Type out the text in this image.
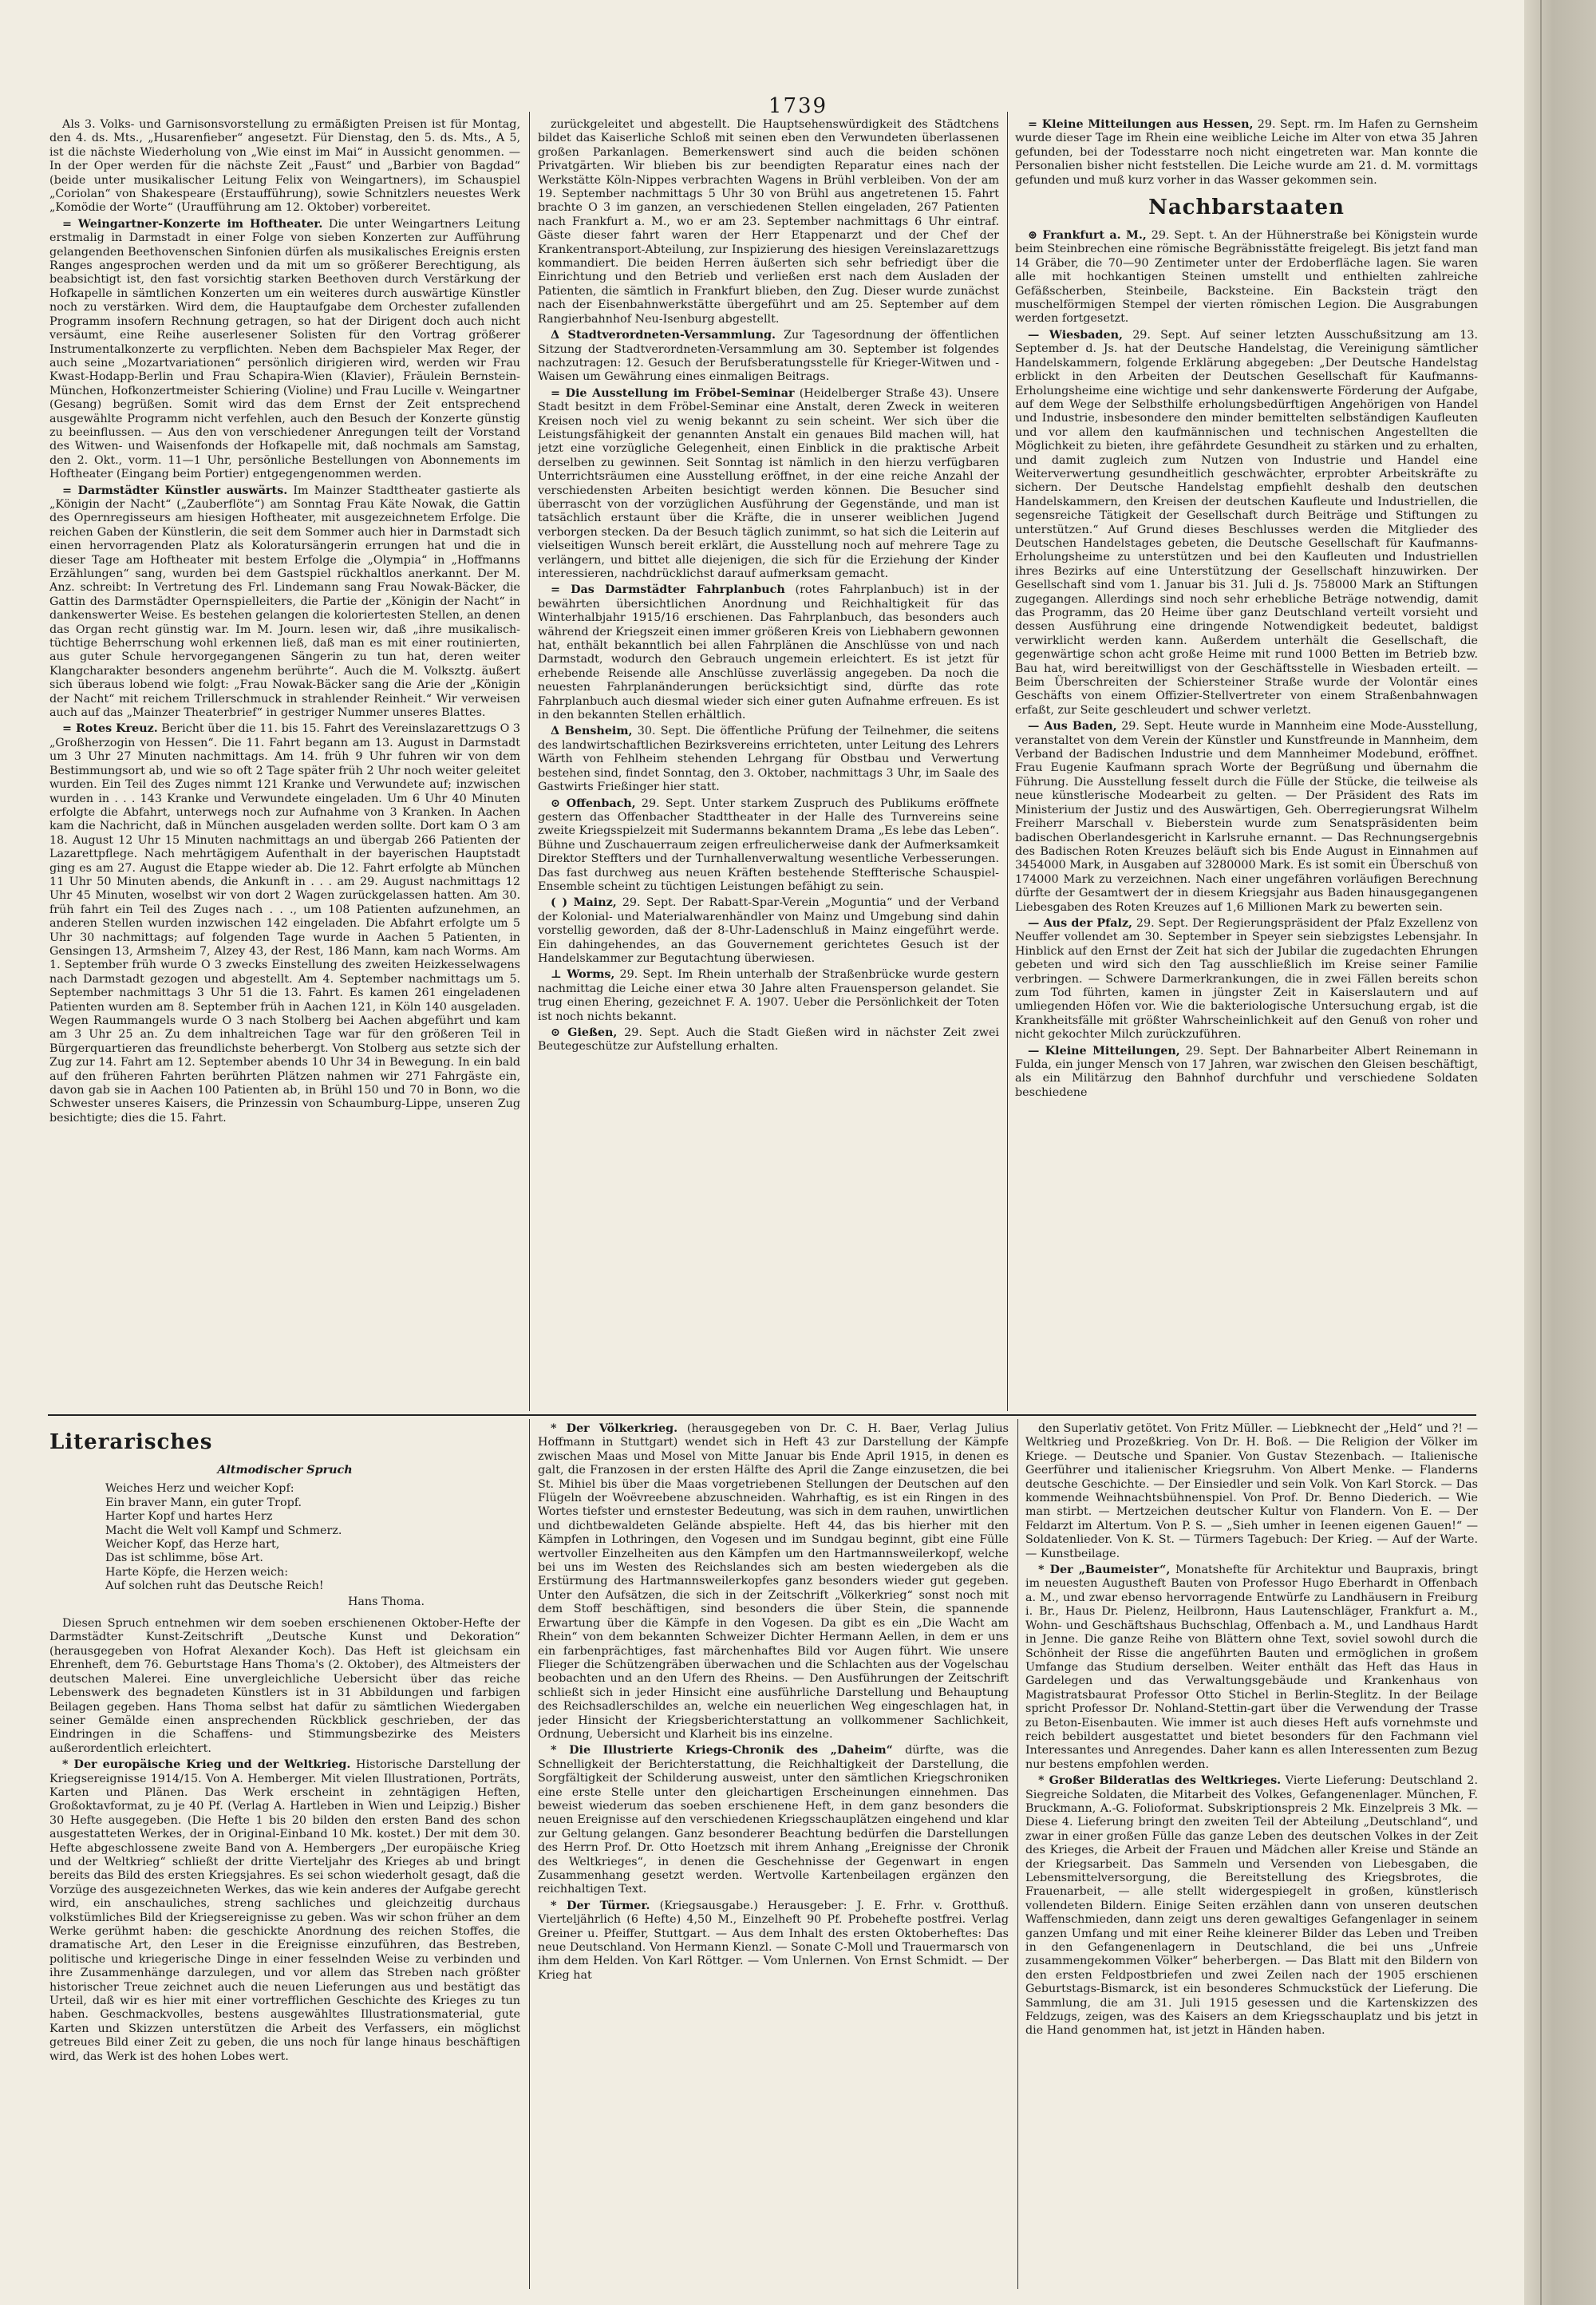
1739

Als 3. Volks- und Garnisonsvorstellung zu ermäßigten Preisen ist für Montag, den 4. ds. Mts., „Husarenfieber“ angesetzt. Für Dienstag, den 5. ds. Mts., A 5, ist die nächste Wiederholung von „Wie einst im Mai“ in Aussicht genommen. — In der Oper werden für die nächste Zeit „Faust“ und „Barbier von Bagdad“ (beide unter musikalischer Leitung Felix von Weingartners), im Schauspiel „Coriolan“ von Shakespeare (Erstaufführung), sowie Schnitzlers neuestes Werk „Komödie der Worte“ (Uraufführung am 12. Oktober) vorbereitet.

= Weingartner-Konzerte im Hoftheater. Die unter Weingartners Leitung erstmalig in Darmstadt in einer Folge von sieben Konzerten zur Aufführung gelangenden Beethovenschen Sinfonien dürfen als musikalisches Ereignis ersten Ranges angesprochen werden und da mit um so größerer Berechtigung, als beabsichtigt ist, den fast vorsichtig starken Beethoven durch Verstärkung der Hofkapelle in sämtlichen Konzerten um ein weiteres durch auswärtige Künstler noch zu verstärken. Wird dem, die Hauptaufgabe dem Orchester zufallenden Programm insofern Rechnung getragen, so hat der Dirigent doch auch nicht versäumt, eine Reihe auserlesener Solisten für den Vortrag größerer Instrumentalkonzerte zu verpflichten. Neben dem Bachspieler Max Reger, der auch seine „Mozartvariationen“ persönlich dirigieren wird, werden wir Frau Kwast-Hodapp-Berlin und Frau Schapira-Wien (Klavier), Fräulein Bernstein-München, Hofkonzertmeister Schiering (Violine) und Frau Lucille v. Weingartner (Gesang) begrüßen. Somit wird das dem Ernst der Zeit entsprechend ausgewählte Programm nicht verfehlen, auch den Besuch der Konzerte günstig zu beeinflussen. — Aus den von verschiedener Anregungen teilt der Vorstand des Witwen- und Waisenfonds der Hofkapelle mit, daß nochmals am Samstag, den 2. Okt., vorm. 11—1 Uhr, persönliche Bestellungen von Abonnements im Hoftheater (Eingang beim Portier) entgegengenommen werden.

= Darmstädter Künstler auswärts. Im Mainzer Stadttheater gastierte als „Königin der Nacht“ („Zauberflöte“) am Sonntag Frau Käte Nowak, die Gattin des Opernregisseurs am hiesigen Hoftheater, mit ausgezeichnetem Erfolge. Die reichen Gaben der Künstlerin, die seit dem Sommer auch hier in Darmstadt sich einen hervorragenden Platz als Koloratursängerin errungen hat und die in dieser Tage am Hoftheater mit bestem Erfolge die „Olympia“ in „Hoffmanns Erzählungen“ sang, wurden bei dem Gastspiel rückhaltlos anerkannt. Der M. Anz. schreibt: In Vertretung des Frl. Lindemann sang Frau Nowak-Bäcker, die Gattin des Darmstädter Opernspielleiters, die Partie der „Königin der Nacht“ in dankenswerter Weise. Es bestehen gelangen die koloriertesten Stellen, an denen das Organ recht günstig war. Im M. Journ. lesen wir, daß „ihre musikalisch-tüchtige Beherrschung wohl erkennen ließ, daß man es mit einer routinierten, aus guter Schule hervorgegangenen Sängerin zu tun hat, deren weiter Klangcharakter besonders angenehm berührte“. Auch die M. Volksztg. äußert sich überaus lobend wie folgt: „Frau Nowak-Bäcker sang die Arie der „Königin der Nacht“ mit reichem Trillerschmuck in strahlender Reinheit.“ Wir verweisen auch auf das „Mainzer Theaterbrief“ in gestriger Nummer unseres Blattes.

= Rotes Kreuz. Bericht über die 11. bis 15. Fahrt des Vereinslazarettzugs O 3 „Großherzogin von Hessen“. Die 11. Fahrt begann am 13. August in Darmstadt um 3 Uhr 27 Minuten nachmittags. Am 14. früh 9 Uhr fuhren wir von dem Bestimmungsort ab, und wie so oft 2 Tage später früh 2 Uhr noch weiter geleitet wurden. Ein Teil des Zuges nimmt 121 Kranke und Verwundete auf; inzwischen wurden in . . . 143 Kranke und Verwundete eingeladen. Um 6 Uhr 40 Minuten erfolgte die Abfahrt, unterwegs noch zur Aufnahme von 3 Kranken. In Aachen kam die Nachricht, daß in München ausgeladen werden sollte. Dort kam O 3 am 18. August 12 Uhr 15 Minuten nachmittags an und übergab 266 Patienten der Lazarettpflege. Nach mehrtägigem Aufenthalt in der bayerischen Hauptstadt ging es am 27. August die Etappe wieder ab. Die 12. Fahrt erfolgte ab München 11 Uhr 50 Minuten abends, die Ankunft in . . . am 29. August nachmittags 12 Uhr 45 Minuten, woselbst wir von dort 2 Wagen zurückgelassen hatten. Am 30. früh fahrt ein Teil des Zuges nach . . ., um 108 Patienten aufzunehmen, an anderen Stellen wurden inzwischen 142 eingeladen. Die Abfahrt erfolgte um 5 Uhr 30 nachmittags; auf folgenden Tage wurde in Aachen 5 Patienten, in Gensingen 13, Armsheim 7, Alzey 43, der Rest, 186 Mann, kam nach Worms. Am 1. September früh wurde O 3 zwecks Einstellung des zweiten Heizkesselwagens nach Darmstadt gezogen und abgestellt. Am 4. September nachmittags um 5. September nachmittags 3 Uhr 51 die 13. Fahrt. Es kamen 261 eingeladenen Patienten wurden am 8. September früh in Aachen 121, in Köln 140 ausgeladen. Wegen Raummangels wurde O 3 nach Stolberg bei Aachen abgeführt und kam am 3 Uhr 25 an. Zu dem inhaltreichen Tage war für den größeren Teil in Bürgerquartieren das freundlichste beherbergt. Von Stolberg aus setzte sich der Zug zur 14. Fahrt am 12. September abends 10 Uhr 34 in Bewegung. In ein bald auf den früheren Fahrten berührten Plätzen nahmen wir 271 Fahrgäste ein, davon gab sie in Aachen 100 Patienten ab, in Brühl 150 und 70 in Bonn, wo die Schwester unseres Kaisers, die Prinzessin von Schaumburg-Lippe, unseren Zug besichtigte; dies die 15. Fahrt.

zurückgeleitet und abgestellt. Die Hauptsehenswürdigkeit des Städtchens bildet das Kaiserliche Schloß mit seinen eben den Verwundeten überlassenen großen Parkanlagen. Bemerkenswert sind auch die beiden schönen Privatgärten. Wir blieben bis zur beendigten Reparatur eines nach der Werkstätte Köln-Nippes verbrachten Wagens in Brühl verbleiben. Von der am 19. September nachmittags 5 Uhr 30 von Brühl aus angetretenen 15. Fahrt brachte O 3 im ganzen, an verschiedenen Stellen eingeladen, 267 Patienten nach Frankfurt a. M., wo er am 23. September nachmittags 6 Uhr eintraf. Gäste dieser fahrt waren der Herr Etappenarzt und der Chef der Krankentransport-Abteilung, zur Inspizierung des hiesigen Vereinslazarettzugs kommandiert. Die beiden Herren äußerten sich sehr befriedigt über die Einrichtung und den Betrieb und verließen erst nach dem Ausladen der Patienten, die sämtlich in Frankfurt blieben, den Zug. Dieser wurde zunächst nach der Eisenbahnwerkstätte übergeführt und am 25. September auf dem Rangierbahnhof Neu-Isenburg abgestellt.

Δ Stadtverordneten-Versammlung. Zur Tagesordnung der öffentlichen Sitzung der Stadtverordneten-Versammlung am 30. September ist folgendes nachzutragen: 12. Gesuch der Berufsberatungsstelle für Krieger-Witwen und -Waisen um Gewährung eines einmaligen Beitrags.

= Die Ausstellung im Fröbel-Seminar (Heidelberger Straße 43). Unsere Stadt besitzt in dem Fröbel-Seminar eine Anstalt, deren Zweck in weiteren Kreisen noch viel zu wenig bekannt zu sein scheint. Wer sich über die Leistungsfähigkeit der genannten Anstalt ein genaues Bild machen will, hat jetzt eine vorzügliche Gelegenheit, einen Einblick in die praktische Arbeit derselben zu gewinnen. Seit Sonntag ist nämlich in den hierzu verfügbaren Unterrichtsräumen eine Ausstellung eröffnet, in der eine reiche Anzahl der verschiedensten Arbeiten besichtigt werden können. Die Besucher sind überrascht von der vorzüglichen Ausführung der Gegenstände, und man ist tatsächlich erstaunt über die Kräfte, die in unserer weiblichen Jugend verborgen stecken. Da der Besuch täglich zunimmt, so hat sich die Leiterin auf vielseitigen Wunsch bereit erklärt, die Ausstellung noch auf mehrere Tage zu verlängern, und bittet alle diejenigen, die sich für die Erziehung der Kinder interessieren, nachdrücklichst darauf aufmerksam gemacht.

= Das Darmstädter Fahrplanbuch (rotes Fahrplanbuch) ist in der bewährten übersichtlichen Anordnung und Reichhaltigkeit für das Winterhalbjahr 1915/16 erschienen. Das Fahrplanbuch, das besonders auch während der Kriegszeit einen immer größeren Kreis von Liebhabern gewonnen hat, enthält bekanntlich bei allen Fahrplänen die Anschlüsse von und nach Darmstadt, wodurch den Gebrauch ungemein erleichtert. Es ist jetzt für erhebende Reisende alle Anschlüsse zuverlässig angegeben. Da noch die neuesten Fahrplanänderungen berücksichtigt sind, dürfte das rote Fahrplanbuch auch diesmal wieder sich einer guten Aufnahme erfreuen. Es ist in den bekannten Stellen erhältlich.

Δ Bensheim, 30. Sept. Die öffentliche Prüfung der Teilnehmer, die seitens des landwirtschaftlichen Bezirksvereins errichteten, unter Leitung des Lehrers Wärth von Fehlheim stehenden Lehrgang für Obstbau und Verwertung bestehen sind, findet Sonntag, den 3. Oktober, nachmittags 3 Uhr, im Saale des Gastwirts Frießinger hier statt.

⊙ Offenbach, 29. Sept. Unter starkem Zuspruch des Publikums eröffnete gestern das Offenbacher Stadttheater in der Halle des Turnvereins seine zweite Kriegsspielzeit mit Sudermanns bekanntem Drama „Es lebe das Leben“. Bühne und Zuschauerraum zeigen erfreulicherweise dank der Aufmerksamkeit Direktor Steffters und der Turnhallenverwaltung wesentliche Verbesserungen. Das fast durchweg aus neuen Kräften bestehende Steffterische Schauspiel-Ensemble scheint zu tüchtigen Leistungen befähigt zu sein.

( ) Mainz, 29. Sept. Der Rabatt-Spar-Verein „Moguntia“ und der Verband der Kolonial- und Materialwarenhändler von Mainz und Umgebung sind dahin vorstellig geworden, daß der 8-Uhr-Ladenschluß in Mainz eingeführt werde. Ein dahingehendes, an das Gouvernement gerichtetes Gesuch ist der Handelskammer zur Begutachtung überwiesen.

⊥ Worms, 29. Sept. Im Rhein unterhalb der Straßenbrücke wurde gestern nachmittag die Leiche einer etwa 30 Jahre alten Frauensperson gelandet. Sie trug einen Ehering, gezeichnet F. A. 1907. Ueber die Persönlichkeit der Toten ist noch nichts bekannt.

⊙ Gießen, 29. Sept. Auch die Stadt Gießen wird in nächster Zeit zwei Beutegeschütze zur Aufstellung erhalten.

= Kleine Mitteilungen aus Hessen, 29. Sept. rm. Im Hafen zu Gernsheim wurde dieser Tage im Rhein eine weibliche Leiche im Alter von etwa 35 Jahren gefunden, bei der Todesstarre noch nicht eingetreten war. Man konnte die Personalien bisher nicht feststellen. Die Leiche wurde am 21. d. M. vormittags gefunden und muß kurz vorher in das Wasser gekommen sein.

Nachbarstaaten

⊛ Frankfurt a. M., 29. Sept. t. An der Hühnerstraße bei Königstein wurde beim Steinbrechen eine römische Begräbnisstätte freigelegt. Bis jetzt fand man 14 Gräber, die 70—90 Zentimeter unter der Erdoberfläche lagen. Sie waren alle mit hochkantigen Steinen umstellt und enthielten zahlreiche Gefäßscherben, Steinbeile, Backsteine. Ein Backstein trägt den muschelförmigen Stempel der vierten römischen Legion. Die Ausgrabungen werden fortgesetzt.

— Wiesbaden, 29. Sept. Auf seiner letzten Ausschußsitzung am 13. September d. Js. hat der Deutsche Handelstag, die Vereinigung sämtlicher Handelskammern, folgende Erklärung abgegeben: „Der Deutsche Handelstag erblickt in den Arbeiten der Deutschen Gesellschaft für Kaufmanns-Erholungsheime eine wichtige und sehr dankenswerte Förderung der Aufgabe, auf dem Wege der Selbsthilfe erholungsbedürftigen Angehörigen von Handel und Industrie, insbesondere den minder bemittelten selbständigen Kaufleuten und vor allem den kaufmännischen und technischen Angestellten die Möglichkeit zu bieten, ihre gefährdete Gesundheit zu stärken und zu erhalten, und damit zugleich zum Nutzen von Industrie und Handel eine Weiterverwertung gesundheitlich geschwächter, erprobter Arbeitskräfte zu sichern. Der Deutsche Handelstag empfiehlt deshalb den deutschen Handelskammern, den Kreisen der deutschen Kaufleute und Industriellen, die segensreiche Tätigkeit der Gesellschaft durch Beiträge und Stiftungen zu unterstützen.“ Auf Grund dieses Beschlusses werden die Mitglieder des Deutschen Handelstages gebeten, die Deutsche Gesellschaft für Kaufmanns-Erholungsheime zu unterstützen und bei den Kaufleuten und Industriellen ihres Bezirks auf eine Unterstützung der Gesellschaft hinzuwirken. Der Gesellschaft sind vom 1. Januar bis 31. Juli d. Js. 758000 Mark an Stiftungen zugegangen. Allerdings sind noch sehr erhebliche Beträge notwendig, damit das Programm, das 20 Heime über ganz Deutschland verteilt vorsieht und dessen Ausführung eine dringende Notwendigkeit bedeutet, baldigst verwirklicht werden kann. Außerdem unterhält die Gesellschaft, die gegenwärtige schon acht große Heime mit rund 1000 Betten im Betrieb bzw. Bau hat, wird bereitwilligst von der Geschäftsstelle in Wiesbaden erteilt. — Beim Überschreiten der Schiersteiner Straße wurde der Volontär eines Geschäfts von einem Offizier-Stellvertreter von einem Straßenbahnwagen erfaßt, zur Seite geschleudert und schwer verletzt.

— Aus Baden, 29. Sept. Heute wurde in Mannheim eine Mode-Ausstellung, veranstaltet von dem Verein der Künstler und Kunstfreunde in Mannheim, dem Verband der Badischen Industrie und dem Mannheimer Modebund, eröffnet. Frau Eugenie Kaufmann sprach Worte der Begrüßung und übernahm die Führung. Die Ausstellung fesselt durch die Fülle der Stücke, die teilweise als neue künstlerische Modearbeit zu gelten. — Der Präsident des Rats im Ministerium der Justiz und des Auswärtigen, Geh. Oberregierungsrat Wilhelm Freiherr Marschall v. Bieberstein wurde zum Senatspräsidenten beim badischen Oberlandesgericht in Karlsruhe ernannt. — Das Rechnungsergebnis des Badischen Roten Kreuzes beläuft sich bis Ende August in Einnahmen auf 3454000 Mark, in Ausgaben auf 3280000 Mark. Es ist somit ein Überschuß von 174000 Mark zu verzeichnen. Nach einer ungefähren vorläufigen Berechnung dürfte der Gesamtwert der in diesem Kriegsjahr aus Baden hinausgegangenen Liebesgaben des Roten Kreuzes auf 1,6 Millionen Mark zu bewerten sein.

— Aus der Pfalz, 29. Sept. Der Regierungspräsident der Pfalz Exzellenz von Neuffer vollendet am 30. September in Speyer sein siebzigstes Lebensjahr. In Hinblick auf den Ernst der Zeit hat sich der Jubilar die zugedachten Ehrungen gebeten und wird sich den Tag ausschließlich im Kreise seiner Familie verbringen. — Schwere Darmerkrankungen, die in zwei Fällen bereits schon zum Tod führten, kamen in jüngster Zeit in Kaiserslautern und auf umliegenden Höfen vor. Wie die bakteriologische Untersuchung ergab, ist die Krankheitsfälle mit größter Wahrscheinlichkeit auf den Genuß von roher und nicht gekochter Milch zurückzuführen.

— Kleine Mitteilungen, 29. Sept. Der Bahnarbeiter Albert Reinemann in Fulda, ein junger Mensch von 17 Jahren, war zwischen den Gleisen beschäftigt, als ein Militärzug den Bahnhof durchfuhr und verschiedene Soldaten beschiedene

Literarisches
Altmodischer Spruch
Weiches Herz und weicher Kopf:
Ein braver Mann, ein guter Tropf.
Harter Kopf und hartes Herz
Macht die Welt voll Kampf und Schmerz.
Weicher Kopf, das Herze hart,
Das ist schlimme, böse Art.
Harte Köpfe, die Herzen weich:
Auf solchen ruht das Deutsche Reich!
Hans Thoma.

Diesen Spruch entnehmen wir dem soeben erschienenen Oktober-Hefte der Darmstädter Kunst-Zeitschrift „Deutsche Kunst und Dekoration“ (herausgegeben von Hofrat Alexander Koch). Das Heft ist gleichsam ein Ehrenheft, dem 76. Geburtstage Hans Thoma's (2. Oktober), des Altmeisters der deutschen Malerei. Eine unvergleichliche Uebersicht über das reiche Lebenswerk des begnadeten Künstlers ist in 31 Abbildungen und farbigen Beilagen gegeben. Hans Thoma selbst hat dafür zu sämtlichen Wiedergaben seiner Gemälde einen ansprechenden Rückblick geschrieben, der das Eindringen in die Schaffens- und Stimmungsbezirke des Meisters außerordentlich erleichtert.

* Der europäische Krieg und der Weltkrieg. Historische Darstellung der Kriegsereignisse 1914/15. Von A. Hemberger. Mit vielen Illustrationen, Porträts, Karten und Plänen. Das Werk erscheint in zehntägigen Heften, Großoktavformat, zu je 40 Pf. (Verlag A. Hartleben in Wien und Leipzig.) Bisher 30 Hefte ausgegeben. (Die Hefte 1 bis 20 bilden den ersten Band des schon ausgestatteten Werkes, der in Original-Einband 10 Mk. kostet.) Der mit dem 30. Hefte abgeschlossene zweite Band von A. Hembergers „Der europäische Krieg und der Weltkrieg“ schließt der dritte Vierteljahr des Krieges ab und bringt bereits das Bild des ersten Kriegsjahres. Es sei schon wiederholt gesagt, daß die Vorzüge des ausgezeichneten Werkes, das wie kein anderes der Aufgabe gerecht wird, ein anschauliches, streng sachliches und gleichzeitig durchaus volkstümliches Bild der Kriegsereignisse zu geben. Was wir schon früher an dem Werke gerühmt haben: die geschickte Anordnung des reichen Stoffes, die dramatische Art, den Leser in die Ereignisse einzuführen, das Bestreben, politische und kriegerische Dinge in einer fesselnden Weise zu verbinden und ihre Zusammenhänge darzulegen, und vor allem das Streben nach größter historischer Treue zeichnet auch die neuen Lieferungen aus und bestätigt das Urteil, daß wir es hier mit einer vortrefflichen Geschichte des Krieges zu tun haben. Geschmackvolles, bestens ausgewähltes Illustrationsmaterial, gute Karten und Skizzen unterstützen die Arbeit des Verfassers, ein möglichst getreues Bild einer Zeit zu geben, die uns noch für lange hinaus beschäftigen wird, das Werk ist des hohen Lobes wert.

* Der Völkerkrieg. (herausgegeben von Dr. C. H. Baer, Verlag Julius Hoffmann in Stuttgart) wendet sich in Heft 43 zur Darstellung der Kämpfe zwischen Maas und Mosel von Mitte Januar bis Ende April 1915, in denen es galt, die Franzosen in der ersten Hälfte des April die Zange einzusetzen, die bei St. Mihiel bis über die Maas vorgetriebenen Stellungen der Deutschen auf den Flügeln der Woëvreebene abzuschneiden. Wahrhaftig, es ist ein Ringen in des Wortes tiefster und ernstester Bedeutung, was sich in dem rauhen, unwirtlichen und dichtbewaldeten Gelände abspielte. Heft 44, das bis hierher mit den Kämpfen in Lothringen, den Vogesen und im Sundgau beginnt, gibt eine Fülle wertvoller Einzelheiten aus den Kämpfen um den Hartmannsweilerkopf, welche bei uns im Westen des Reichslandes sich am besten wiedergeben als die Erstürmung des Hartmannsweilerkopfes ganz besonders wieder gut gegeben. Unter den Aufsätzen, die sich in der Zeitschrift „Völkerkrieg“ sonst noch mit dem Stoff beschäftigen, sind besonders die über Stein, die spannende Erwartung über die Kämpfe in den Vogesen. Da gibt es ein „Die Wacht am Rhein“ von dem bekannten Schweizer Dichter Hermann Aellen, in dem er uns ein farbenprächtiges, fast märchenhaftes Bild vor Augen führt. Wie unsere Flieger die Schützengräben überwachen und die Schlachten aus der Vogelschau beobachten und an den Ufern des Rheins. — Den Ausführungen der Zeitschrift schließt sich in jeder Hinsicht eine ausführliche Darstellung und Behauptung des Reichsadlerschildes an, welche ein neuerlichen Weg eingeschlagen hat, in jeder Hinsicht der Kriegsberichterstattung an vollkommener Sachlichkeit, Ordnung, Uebersicht und Klarheit bis ins einzelne.

* Die Illustrierte Kriegs-Chronik des „Daheim“ dürfte, was die Schnelligkeit der Berichterstattung, die Reichhaltigkeit der Darstellung, die Sorgfältigkeit der Schilderung ausweist, unter den sämtlichen Kriegschroniken eine erste Stelle unter den gleichartigen Erscheinungen einnehmen. Das beweist wiederum das soeben erschienene Heft, in dem ganz besonders die neuen Ereignisse auf den verschiedenen Kriegsschauplätzen eingehend und klar zur Geltung gelangen. Ganz besonderer Beachtung bedürfen die Darstellungen des Herrn Prof. Dr. Otto Hoetzsch mit ihrem Anhang „Ereignisse der Chronik des Weltkrieges“, in denen die Geschehnisse der Gegenwart in engen Zusammenhang gesetzt werden. Wertvolle Kartenbeilagen ergänzen den reichhaltigen Text.

* Der Türmer. (Kriegsausgabe.) Herausgeber: J. E. Frhr. v. Grotthuß. Vierteljährlich (6 Hefte) 4,50 M., Einzelheft 90 Pf. Probehefte postfrei. Verlag Greiner u. Pfeiffer, Stuttgart. — Aus dem Inhalt des ersten Oktoberheftes: Das neue Deutschland. Von Hermann Kienzl. — Sonate C-Moll und Trauermarsch von ihm dem Helden. Von Karl Röttger. — Vom Unlernen. Von Ernst Schmidt. — Der Krieg hat

den Superlativ getötet. Von Fritz Müller. — Liebknecht der „Held“ und ?! — Weltkrieg und Prozeßkrieg. Von Dr. H. Boß. — Die Religion der Völker im Kriege. — Deutsche und Spanier. Von Gustav Stezenbach. — Italienische Geerführer und italienischer Kriegsruhm. Von Albert Menke. — Flanderns deutsche Geschichte. — Der Einsiedler und sein Volk. Von Karl Storck. — Das kommende Weihnachtsbühnenspiel. Von Prof. Dr. Benno Diederich. — Wie man stirbt. — Mertzeichen deutscher Kultur von Flandern. Von E. — Der Feldarzt im Altertum. Von P. S. — „Sieh umher in Ieenen eigenen Gauen!“ — Soldatenlieder. Von K. St. — Türmers Tagebuch: Der Krieg. — Auf der Warte. — Kunstbeilage.

* Der „Baumeister“, Monatshefte für Architektur und Baupraxis, bringt im neuesten Augustheft Bauten von Professor Hugo Eberhardt in Offenbach a. M., und zwar ebenso hervorragende Entwürfe zu Landhäusern in Freiburg i. Br., Haus Dr. Pielenz, Heilbronn, Haus Lautenschläger, Frankfurt a. M., Wohn- und Geschäftshaus Buchschlag, Offenbach a. M., und Landhaus Hardt in Jenne. Die ganze Reihe von Blättern ohne Text, soviel sowohl durch die Schönheit der Risse die angeführten Bauten und ermöglichen in großem Umfange das Studium derselben. Weiter enthält das Heft das Haus in Gardelegen und das Verwaltungsgebäude und Krankenhaus von Magistratsbaurat Professor Otto Stichel in Berlin-Steglitz. In der Beilage spricht Professor Dr. Nohland-Stettin-gart über die Verwendung der Trasse zu Beton-Eisenbauten. Wie immer ist auch dieses Heft aufs vornehmste und reich bebildert ausgestattet und bietet besonders für den Fachmann viel Interessantes und Anregendes. Daher kann es allen Interessenten zum Bezug nur bestens empfohlen werden.

* Großer Bilderatlas des Weltkrieges. Vierte Lieferung: Deutschland 2. Siegreiche Soldaten, die Mitarbeit des Volkes, Gefangenenlager. München, F. Bruckmann, A.-G. Folioformat. Subskriptionspreis 2 Mk. Einzelpreis 3 Mk. — Diese 4. Lieferung bringt den zweiten Teil der Abteilung „Deutschland“, und zwar in einer großen Fülle das ganze Leben des deutschen Volkes in der Zeit des Krieges, die Arbeit der Frauen und Mädchen aller Kreise und Stände an der Kriegsarbeit. Das Sammeln und Versenden von Liebesgaben, die Lebensmittelversorgung, die Bereitstellung des Kriegsbrotes, die Frauenarbeit, — alle stellt widergespiegelt in großen, künstlerisch vollendeten Bildern. Einige Seiten erzählen dann von unseren deutschen Waffenschmieden, dann zeigt uns deren gewaltiges Gefangenlager in seinem ganzen Umfang und mit einer Reihe kleinerer Bilder das Leben und Treiben in den Gefangenenlagern in Deutschland, die bei uns „Unfreie zusammengekommen Völker“ beherbergen. — Das Blatt mit den Bildern von den ersten Feldpostbriefen und zwei Zeilen nach der 1905 erschienen Geburtstags-Bismarck, ist ein besonderes Schmuckstück der Lieferung. Die Sammlung, die am 31. Juli 1915 gesessen und die Kartenskizzen des Feldzugs, zeigen, was des Kaisers an dem Kriegsschauplatz und bis jetzt in die Hand genommen hat, ist jetzt in Händen haben.
